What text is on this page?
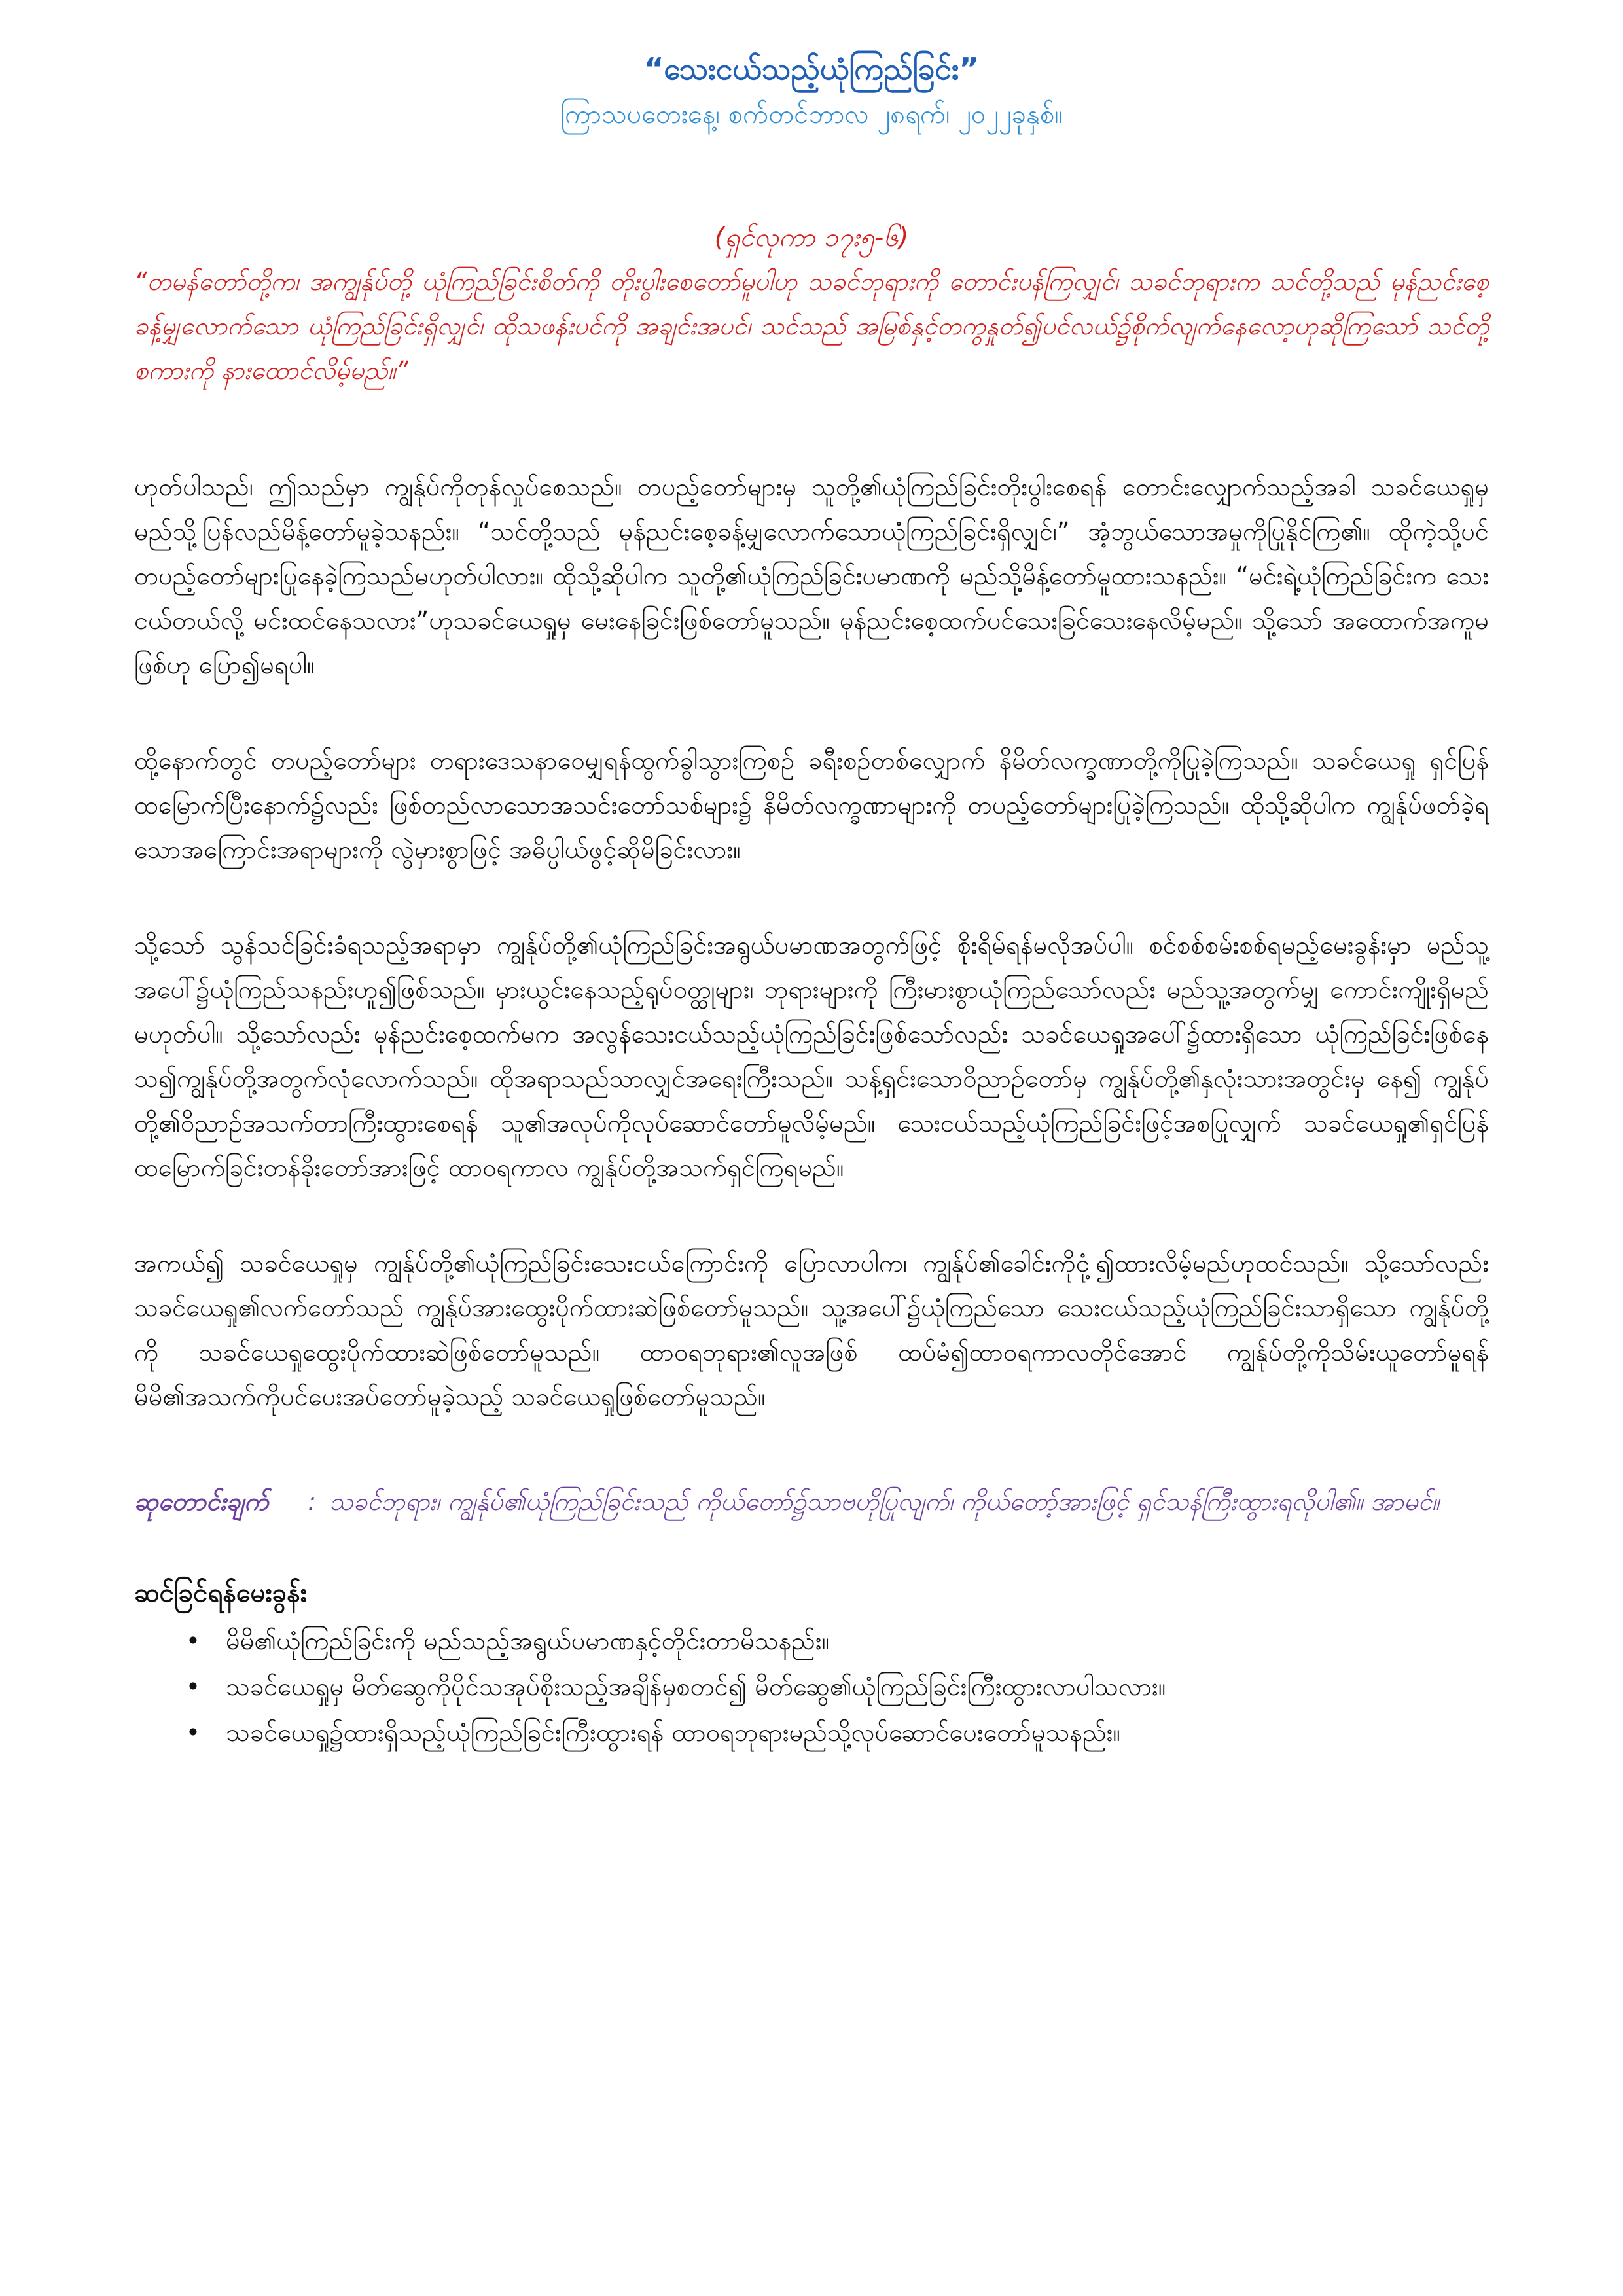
“သေးငယ်သည့်ယုံကြည်ခြင်း”

ကြာသပတေးနေ့၊ စက်တင်ဘာလ ၂၈ရက်၊ ၂၀၂၂ခုနှစ်။

(ရှင်လုကာ ၁၇း၅-၆)

“တမန်တော်တို့က၊ အကျွန်ုပ်တို့ ယုံကြည်ခြင်းစိတ်ကို တိုးပွါးစေတော်မူပါဟု သခင်ဘုရားကို တောင်းပန်ကြလျှင်၊ သခင်ဘုရားက သင်တို့သည် မုန်ညင်းစေ့ခန့်မျှလောက်သော ယုံကြည်ခြင်းရှိလျှင်၊ ထိုသဖန်းပင်ကို အချင်းအပင်၊ သင်သည် အမြစ်နှင့်တကွနှုတ်၍ပင်လယ်၌စိုက်လျက်နေလော့ဟုဆိုကြသော် သင်တို့စကားကို နားထောင်လိမ့်မည်။”

ဟုတ်ပါသည်၊ ဤသည်မှာ ကျွန်ုပ်ကိုတုန်လှုပ်စေသည်။ တပည့်တော်များမှ သူတို့၏ယုံကြည်ခြင်းတိုးပွါးစေရန် တောင်းလျှောက်သည့်အခါ သခင်ယေရှုမှ မည်သို့ပြန်လည်မိန့်တော်မူခဲ့သနည်း။ “သင်တို့သည် မုန်ညင်းစေ့ခန့်မျှလောက်သောယုံကြည်ခြင်းရှိလျှင်၊” အံ့ဘွယ်သောအမှုကိုပြုနိုင်ကြ၏။ ထိုကဲ့သို့ပင် တပည့်တော်များပြုနေခဲ့ကြသည်မဟုတ်ပါလား။ ထိုသို့ဆိုပါက သူတို့၏ယုံကြည်ခြင်းပမာဏကို မည်သို့မိန့်တော်မူထားသနည်း။ “မင်းရဲ့ယုံကြည်ခြင်းက သေးငယ်တယ်လို့ မင်းထင်နေသလား”ဟုသခင်ယေရှုမှ မေးနေခြင်းဖြစ်တော်မူသည်။ မုန်ညင်းစေ့ထက်ပင်သေးခြင်သေးနေလိမ့်မည်။ သို့သော် အထောက်အကူမဖြစ်ဟု ပြော၍မရပါ။

ထို့နောက်တွင် တပည့်တော်များ တရားဒေသနာဝေမျှရန်ထွက်ခွါသွားကြစဉ် ခရီးစဉ်တစ်လျှောက် နိမိတ်လက္ခဏာတို့ကိုပြုခဲ့ကြသည်။ သခင်ယေရှု ရှင်ပြန်ထမြောက်ပြီးနောက်၌လည်း ဖြစ်တည်လာသောအသင်းတော်သစ်များ၌ နိမိတ်လက္ခဏာများကို တပည့်တော်များပြုခဲ့ကြသည်။ ထိုသို့ဆိုပါက ကျွန်ုပ်ဖတ်ခဲ့ရသောအကြောင်းအရာများကို လွဲမှားစွာဖြင့် အဓိပ္ပါယ်ဖွင့်ဆိုမိခြင်းလား။

သို့သော် သွန်သင်ခြင်းခံရသည့်အရာမှာ ကျွန်ုပ်တို့၏ယုံကြည်ခြင်းအရွယ်ပမာဏအတွက်ဖြင့် စိုးရိမ်ရန်မလိုအပ်ပါ။ စင်စစ်စမ်းစစ်ရမည့်မေးခွန်းမှာ မည်သူ့အပေါ်၌ယုံကြည်သနည်းဟူ၍ဖြစ်သည်။ မှားယွင်းနေသည့်ရုပ်ဝတ္ထုများ၊ ဘုရားများကို ကြီးမားစွာယုံကြည်သော်လည်း မည်သူ့အတွက်မျှ ကောင်းကျိုးရှိမည်မဟုတ်ပါ။ သို့သော်လည်း မုန်ညင်းစေ့ထက်မက အလွန်သေးငယ်သည့်ယုံကြည်ခြင်းဖြစ်သော်လည်း သခင်ယေရှုအပေါ်၌ထားရှိသော ယုံကြည်ခြင်းဖြစ်နေသ၍ကျွန်ုပ်တို့အတွက်လုံလောက်သည်။ ထိုအရာသည်သာလျှင်အရေးကြီးသည်။ သန့်ရှင်းသောဝိညာဉ်တော်မှ ကျွန်ုပ်တို့၏နှလုံးသားအတွင်းမှ နေ၍ ကျွန်ုပ်တို့၏ဝိညာဉ်အသက်တာကြီးထွားစေရန် သူ၏အလုပ်ကိုလုပ်ဆောင်တော်မူလိမ့်မည်။ သေးငယ်သည့်ယုံကြည်ခြင်းဖြင့်အစပြုလျှက် သခင်ယေရှု၏ရှင်ပြန်ထမြောက်ခြင်းတန်ခိုးတော်အားဖြင့် ထာဝရကာလ ကျွန်ုပ်တို့အသက်ရှင်ကြရမည်။

အကယ်၍ သခင်ယေရှုမှ ကျွန်ုပ်တို့၏ယုံကြည်ခြင်းသေးငယ်ကြောင်းကို ပြောလာပါက၊ ကျွန်ုပ်၏ခေါင်းကိုငုံ့၍ထားလိမ့်မည်ဟုထင်သည်။ သို့သော်လည်း သခင်ယေရှု၏လက်တော်သည် ကျွန်ုပ်အားထွေးပိုက်ထားဆဲဖြစ်တော်မူသည်။ သူ့အပေါ်၌ယုံကြည်သော သေးငယ်သည့်ယုံကြည်ခြင်းသာရှိသော ကျွန်ုပ်တို့ကို သခင်ယေရှုထွေးပိုက်ထားဆဲဖြစ်တော်မူသည်။ ထာဝရဘုရား၏လူအဖြစ် ထပ်မံ၍ထာဝရကာလတိုင်အောင် ကျွန်ုပ်တို့ကိုသိမ်းယူတော်မူရန် မိမိ၏အသက်ကိုပင်ပေးအပ်တော်မူခဲ့သည့် သခင်ယေရှုဖြစ်တော်မူသည်။

ဆုတောင်းချက် : သခင်ဘုရား၊ ကျွန်ုပ်၏ယုံကြည်ခြင်းသည် ကိုယ်တော်၌သာဗဟိုပြုလျက်၊ ကိုယ်တော့်အားဖြင့် ရှင်သန်ကြီးထွားရလိုပါ၏။ အာမင်။

ဆင်ခြင်ရန်မေးခွန်း
• မိမိ၏ယုံကြည်ခြင်းကို မည်သည့်အရွယ်ပမာဏနှင့်တိုင်းတာမိသနည်း။
• သခင်ယေရှုမှ မိတ်ဆွေကိုပိုင်သအုပ်စိုးသည့်အချိန်မှစတင်၍ မိတ်ဆွေ၏ယုံကြည်ခြင်းကြီးထွားလာပါသလား။
• သခင်ယေရှု၌ထားရှိသည့်ယုံကြည်ခြင်းကြီးထွားရန် ထာဝရဘုရားမည်သို့လုပ်ဆောင်ပေးတော်မူသနည်း။
